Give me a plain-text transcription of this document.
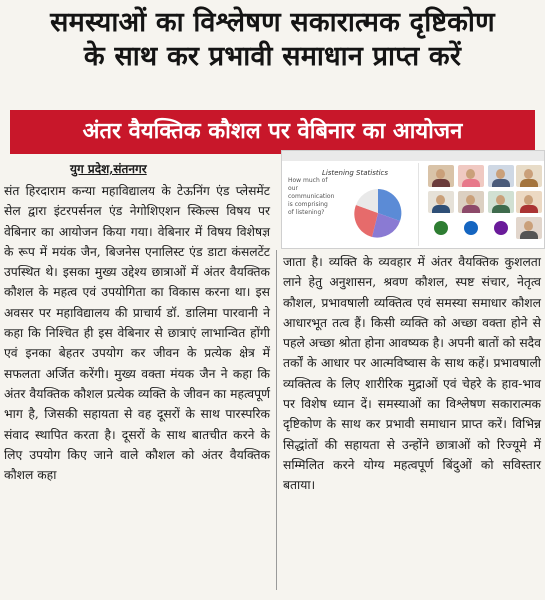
समस्याओं का विश्लेषण सकारात्मक दृष्टिकोण
के साथ कर प्रभावी समाधान प्राप्त करें
अंतर वैयक्तिक कौशल पर वेबिनार का आयोजन
युग प्रदेश,संतनगर	Listening Statistics
How much of our communication is comprising of listening?

संत हिरदाराम कन्या महाविद्यालय के टेऊनिंग एंड प्लेसमेंट सेल द्वारा इंटरपर्सनल एंड नेगोशिएशन स्किल्स विषय पर वेबिनार का आयोजन किया गया। वेबिनार में विषय विशेषज्ञ के रूप में मयंक जैन, बिजनेस एनालिस्ट एंड डाटा कंसलटेंट उपस्थित थे। इसका मुख्य उद्देश्य छात्राओं में अंतर वैयक्तिक कौशल के महत्व एवं उपयोगिता का विकास करना था। इस अवसर पर महाविद्यालय की प्राचार्य डॉ. डालिमा पारवानी ने कहा कि निश्चित ही इस वेबिनार से छात्राएं लाभान्वित होंगी एवं इनका बेहतर उपयोग कर जीवन के प्रत्येक क्षेत्र में सफलता अर्जित करेंगी। मुख्य वक्ता मंयक जैन ने कहा कि अंतर वैयक्तिक कौशल प्रत्येक व्यक्ति के जीवन का महत्वपूर्ण भाग है, जिसकी सहायता से वह दूसरों के साथ पारस्परिक संवाद स्थापित करता है। दूसरों के साथ बातचीत करने के लिए उपयोग किए जाने वाले कौशल को अंतर वैयक्तिक कौशल कहा

जाता है। व्यक्ति के व्यवहार में अंतर वैयक्तिक कुशलता लाने हेतु अनुशासन, श्रवण कौशल, स्पष्ट संचार, नेतृत्व कौशल, प्रभावषाली व्यक्तित्व एवं समस्या समाधार कौशल आधारभूत तत्व हैं। किसी व्यक्ति को अच्छा वक्ता होने से पहले अच्छा श्रोता होना आवष्यक है। अपनी बातों को सदैव तर्कों के आधार पर आत्मविष्वास के साथ कहें। प्रभावषाली व्यक्तित्व के लिए शारीरिक मुद्राओं एवं चेहरे के हाव-भाव पर विशेष ध्यान दें। समस्याओं का विश्लेषण सकारात्मक दृष्टिकोण के साथ कर प्रभावी समाधान प्राप्त करें। विभिन्न सिद्धांतों की सहायता से उन्होंने छात्राओं को रिज्यूमे में सम्मिलित करने योग्य महत्वपूर्ण बिंदुओं को सविस्तार बताया।
